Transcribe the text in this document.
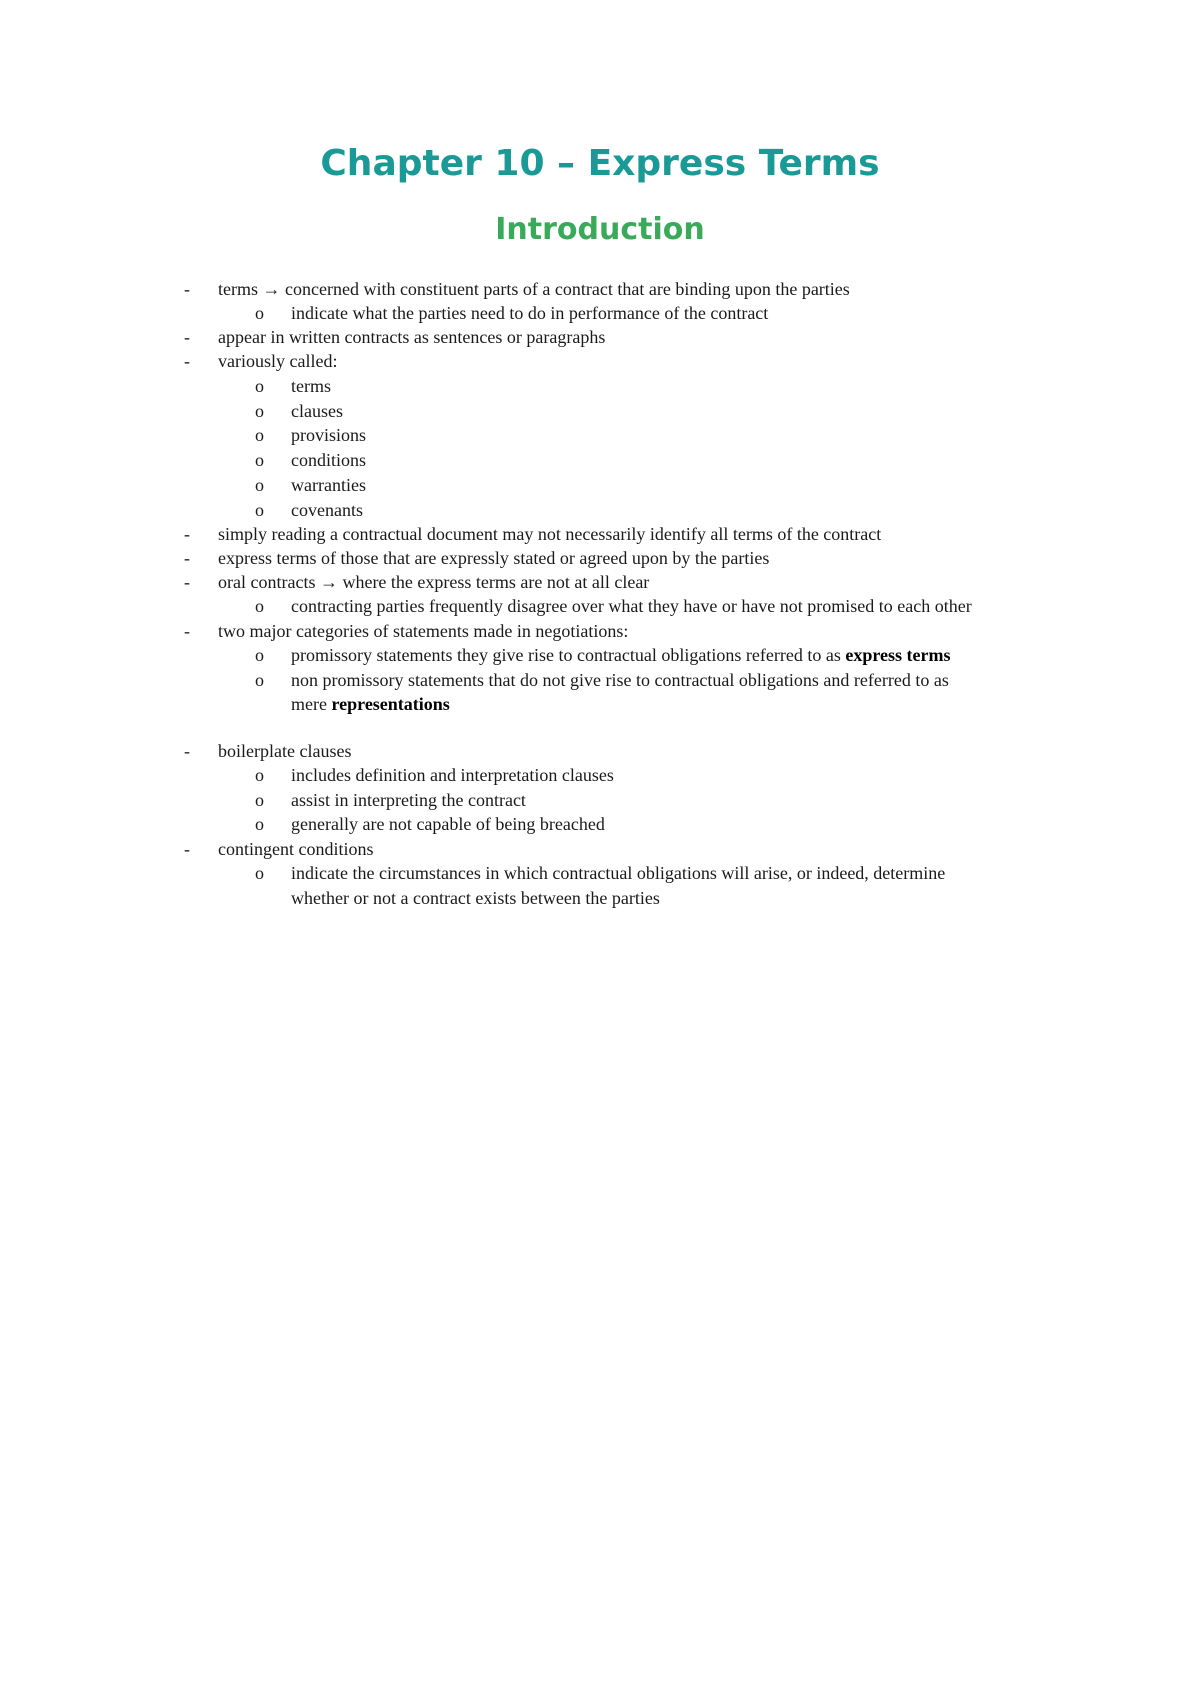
Chapter 10 – Express Terms
Introduction
- terms → concerned with constituent parts of a contract that are binding upon the parties
o indicate what the parties need to do in performance of the contract
- appear in written contracts as sentences or paragraphs
- variously called:
o terms
o clauses
o provisions
o conditions
o warranties
o covenants
- simply reading a contractual document may not necessarily identify all terms of the contract
- express terms of those that are expressly stated or agreed upon by the parties
- oral contracts → where the express terms are not at all clear
o contracting parties frequently disagree over what they have or have not promised to each other
- two major categories of statements made in negotiations:
o promissory statements they give rise to contractual obligations referred to as express terms
o non promissory statements that do not give rise to contractual obligations and referred to as
mere representations
- boilerplate clauses
o includes definition and interpretation clauses
o assist in interpreting the contract
o generally are not capable of being breached
- contingent conditions
o indicate the circumstances in which contractual obligations will arise, or indeed, determine
whether or not a contract exists between the parties
